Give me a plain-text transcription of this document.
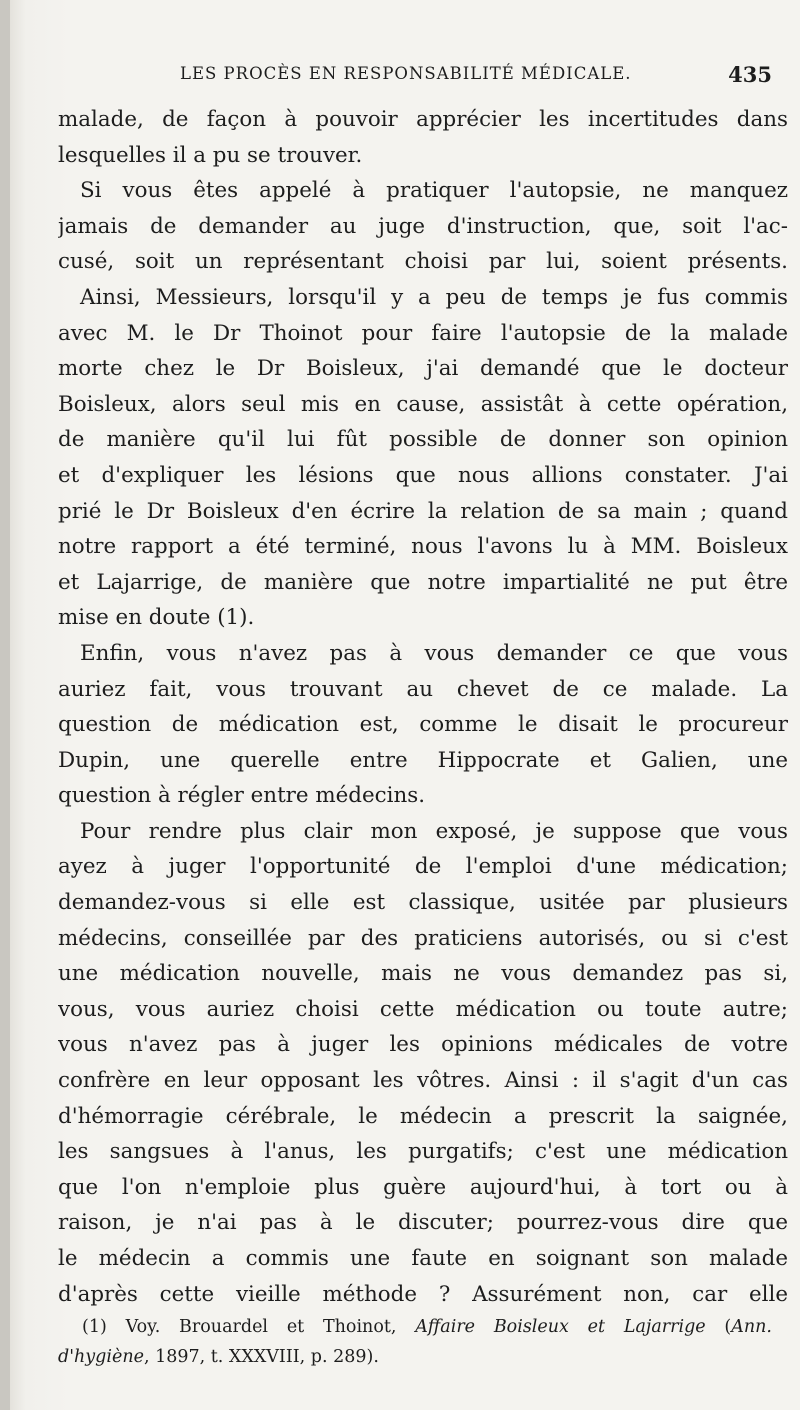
LES PROCÈS EN RESPONSABILITÉ MÉDICALE.	435
malade, de façon à pouvoir apprécier les incertitudes dans
lesquelles il a pu se trouver.
Si vous êtes appelé à pratiquer l'autopsie, ne manquez
jamais de demander au juge d'instruction, que, soit l'ac-
cusé, soit un représentant choisi par lui, soient présents.
Ainsi, Messieurs, lorsqu'il y a peu de temps je fus commis
avec M. le Dr Thoinot pour faire l'autopsie de la malade
morte chez le Dr Boisleux, j'ai demandé que le docteur
Boisleux, alors seul mis en cause, assistât à cette opération,
de manière qu'il lui fût possible de donner son opinion
et d'expliquer les lésions que nous allions constater. J'ai
prié le Dr Boisleux d'en écrire la relation de sa main ; quand
notre rapport a été terminé, nous l'avons lu à MM. Boisleux
et Lajarrige, de manière que notre impartialité ne put être
mise en doute (1).
Enfin, vous n'avez pas à vous demander ce que vous
auriez fait, vous trouvant au chevet de ce malade. La
question de médication est, comme le disait le procureur
Dupin, une querelle entre Hippocrate et Galien, une
question à régler entre médecins.
Pour rendre plus clair mon exposé, je suppose que vous
ayez à juger l'opportunité de l'emploi d'une médication;
demandez-vous si elle est classique, usitée par plusieurs
médecins, conseillée par des praticiens autorisés, ou si c'est
une médication nouvelle, mais ne vous demandez pas si,
vous, vous auriez choisi cette médication ou toute autre;
vous n'avez pas à juger les opinions médicales de votre
confrère en leur opposant les vôtres. Ainsi : il s'agit d'un cas
d'hémorragie cérébrale, le médecin a prescrit la saignée,
les sangsues à l'anus, les purgatifs; c'est une médication
que l'on n'emploie plus guère aujourd'hui, à tort ou à
raison, je n'ai pas à le discuter; pourrez-vous dire que
le médecin a commis une faute en soignant son malade
d'après cette vieille méthode ? Assurément non, car elle
(1) Voy. Brouardel et Thoinot, Affaire Boisleux et Lajarrige (Ann.
d'hygiène, 1897, t. XXXVIII, p. 289).
